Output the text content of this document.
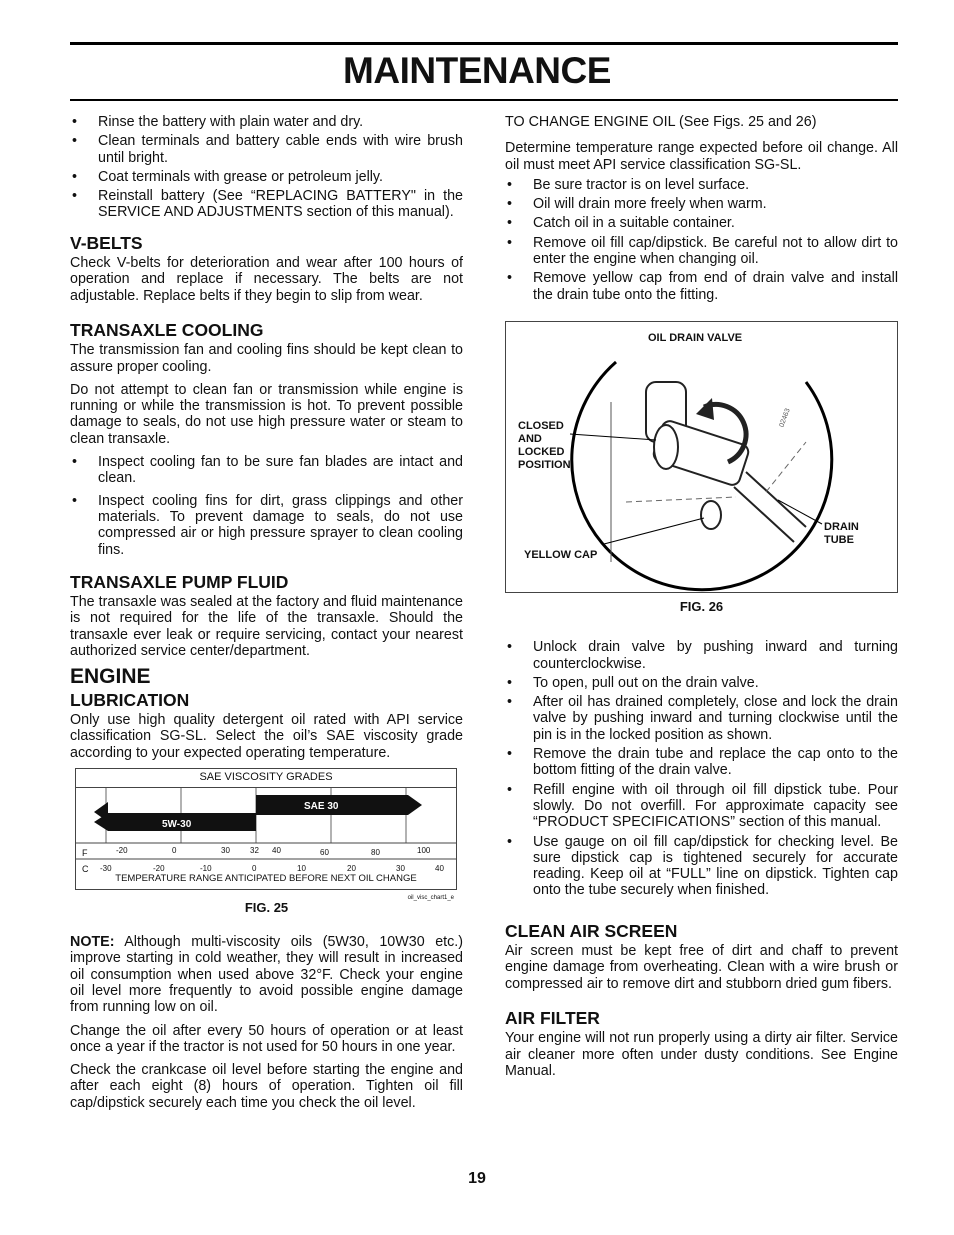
MAINTENANCE
• Rinse the battery with plain water and dry.
• Clean terminals and battery cable ends with wire brush until bright.
• Coat terminals with grease or petroleum jelly.
• Reinstall battery (See “REPLACING BATTERY" in the SERVICE AND ADJUSTMENTS section of this manual).
V-BELTS

Check V-belts for deterioration and wear after 100 hours of operation and replace if necessary. The belts are not adjustable. Replace belts if they begin to slip from wear.

TRANSAXLE COOLING

The transmission fan and cooling fins should be kept clean to assure proper cooling.

Do not attempt to clean fan or transmission while engine is running or while the transmission is hot. To prevent possible damage to seals, do not use high pressure water or steam to clean transaxle.

• Inspect cooling fan to be sure fan blades are intact and clean.
• Inspect cooling fins for dirt, grass clippings and other materials. To prevent damage to seals, do not use compressed air or high pressure sprayer to clean cooling fins.
TRANSAXLE PUMP FLUID

The transaxle was sealed at the factory and fluid maintenance is not required for the life of the transaxle. Should the transaxle ever leak or require servicing, contact your nearest authorized service center/department.

ENGINE
LUBRICATION

Only use high quality detergent oil rated with API service classification SG-SL. Select the oil’s SAE viscosity grade according to your expected operating temperature.

SAE VISCOSITY GRADES
SAE 30
5W-30
F	-20	0	30	32 40	60	80	100
C -30	-20	-10	0	10	20	30	40
TEMPERATURE RANGE ANTICIPATED BEFORE NEXT OIL CHANGE
oil_visc_chart1_e
FIG. 25

NOTE: Although multi-viscosity oils (5W30, 10W30 etc.) improve starting in cold weather, they will result in increased oil consumption when used above 32°F. Check your engine oil level more frequently to avoid possible engine damage from running low on oil.

Change the oil after every 50 hours of operation or at least once a year if the tractor is not used for 50 hours in one year.

Check the crankcase oil level before starting the engine and after each eight (8) hours of operation. Tighten oil fill cap/dipstick securely each time you check the oil level.

TO CHANGE ENGINE OIL (See Figs. 25 and 26)

Determine temperature range expected before oil change. All oil must meet API service classification SG-SL.

• Be sure tractor is on level surface.
• Oil will drain more freely when warm.
• Catch oil in a suitable container.
• Remove oil fill cap/dipstick. Be careful not to allow dirt to enter the engine when changing oil.
• Remove yellow cap from end of drain valve and install the drain tube onto the fitting.
OIL DRAIN VALVE
CLOSED
AND
LOCKED
POSITION
YELLOW CAP
DRAIN
TUBE
02463
FIG. 26
• Unlock drain valve by pushing inward and turning counterclockwise.
• To open, pull out on the drain valve.
• After oil has drained completely, close and lock the drain valve by pushing inward and turning clockwise until the pin is in the locked position as shown.
• Remove the drain tube and replace the cap onto to the bottom fitting of the drain valve.
• Refill engine with oil through oil fill dipstick tube. Pour slowly. Do not overfill. For approximate capacity see “PRODUCT SPECIFICATIONS” section of this manual.
• Use gauge on oil fill cap/dipstick for checking level. Be sure dipstick cap is tightened securely for accurate reading. Keep oil at “FULL” line on dipstick. Tighten cap onto the tube securely when finished.
CLEAN AIR SCREEN

Air screen must be kept free of dirt and chaff to prevent engine damage from overheating. Clean with a wire brush or compressed air to remove dirt and stubborn dried gum fibers.

AIR FILTER

Your engine will not run properly using a dirty air filter. Service air cleaner more often under dusty conditions. See Engine Manual.

19
